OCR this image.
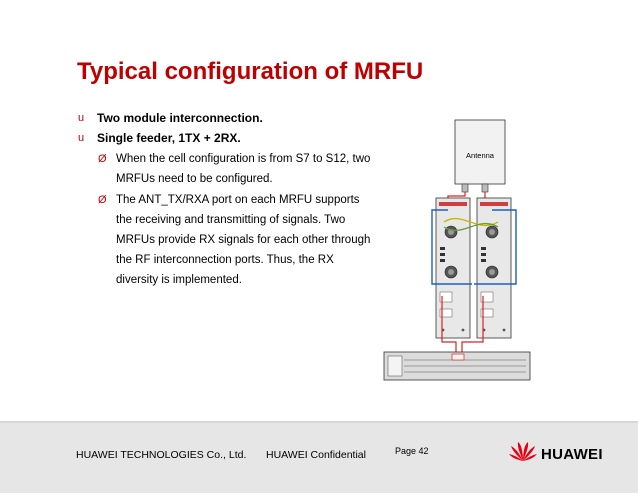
Typical configuration of MRFU
u Two module interconnection.
u Single feeder, 1TX + 2RX.
Ø When the cell configuration is from S7 to S12, two
MRFUs need to be configured.
Ø The ANT_TX/RXA port on each MRFU supports
the receiving and transmitting of signals. Two
MRFUs provide RX signals for each other through
the RF interconnection ports. Thus, the RX
diversity is implemented.
Antenna
HUAWEI TECHNOLOGIES Co., Ltd. HUAWEI Confidential	Page 42	HUAWEI
